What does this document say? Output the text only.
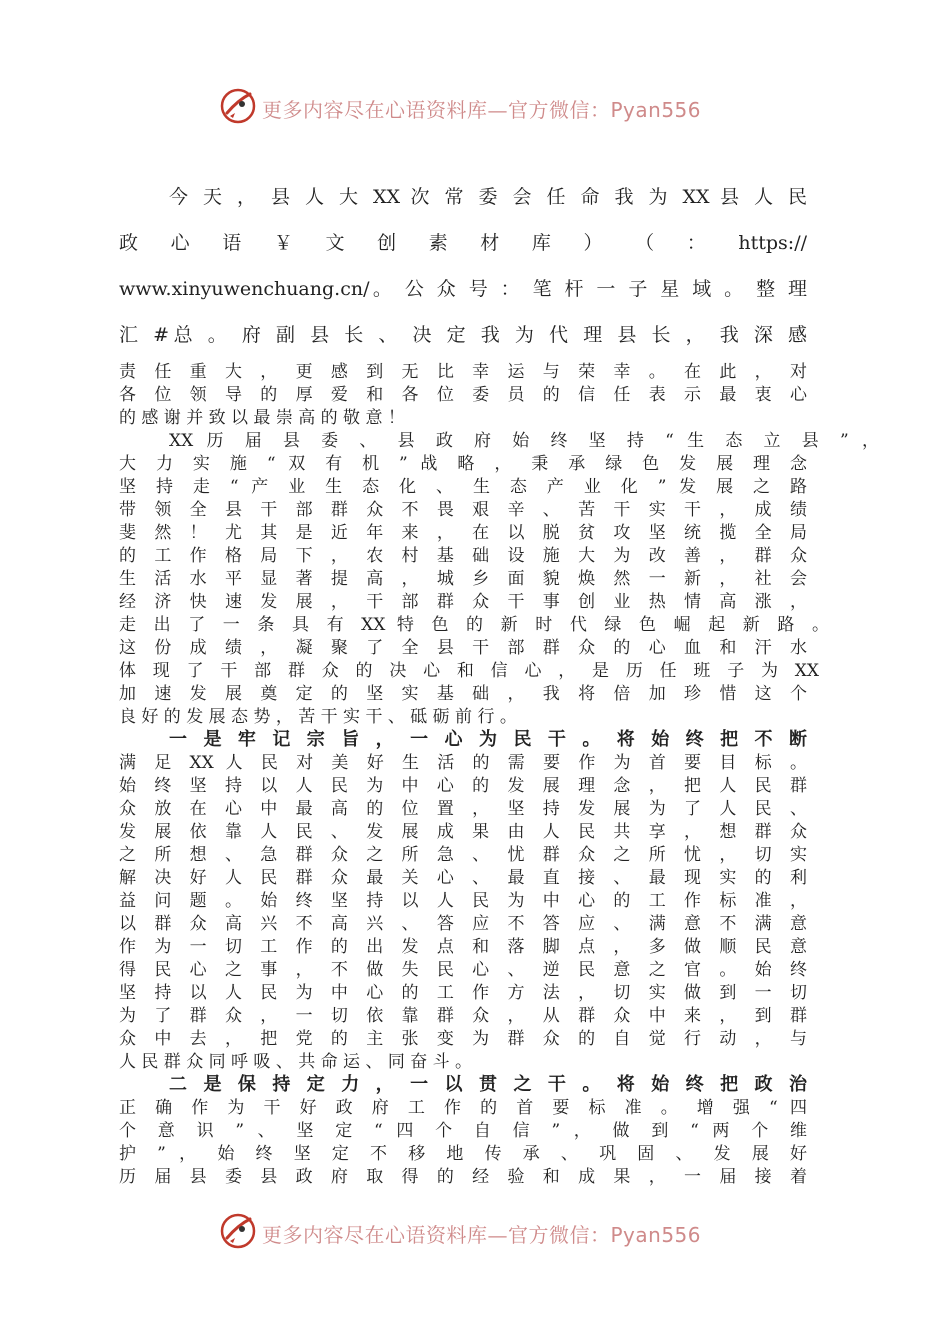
更多内容尽在心语资料库—官方微信：Pyan556
今 天 ， 县 人 大 XX 次 常 委 会 任 命 我 为 XX 县 人 民
政 心 语 ￥ 文 创 素 材 库 ） （ ： https://
www.xinyuwenchuang.cn/。 公 众 号 ： 笔 杆 一 子 星 域 。 整 理
汇 #总 。 府 副 县 长 、 决 定 我 为 代 理 县 长 ， 我 深 感
责 任 重 大 ， 更 感 到 无 比 幸 运 与 荣 幸 。 在 此 ， 对
各 位 领 导 的 厚 爱 和 各 位 委 员 的 信 任 表 示 最 衷 心
的 感 谢 并 致 以 最 崇 高 的 敬 意 ！
XX 历 届 县 委 、 县 政 府 始 终 坚 持 “ 生 态 立 县 ” ，
大 力 实 施 “ 双 有 机 ” 战 略 ， 秉 承 绿 色 发 展 理 念
坚 持 走 “ 产 业 生 态 化 、 生 态 产 业 化 ” 发 展 之 路
带 领 全 县 干 部 群 众 不 畏 艰 辛 、 苦 干 实 干 ， 成 绩
斐 然 ！ 尤 其 是 近 年 来 ， 在 以 脱 贫 攻 坚 统 揽 全 局
的 工 作 格 局 下 ， 农 村 基 础 设 施 大 为 改 善 ， 群 众
生 活 水 平 显 著 提 高 ， 城 乡 面 貌 焕 然 一 新 ， 社 会
经 济 快 速 发 展 ， 干 部 群 众 干 事 创 业 热 情 高 涨 ，
走 出 了 一 条 具 有 XX 特 色 的 新 时 代 绿 色 崛 起 新 路 。
这 份 成 绩 ， 凝 聚 了 全 县 干 部 群 众 的 心 血 和 汗 水
体 现 了 干 部 群 众 的 决 心 和 信 心 ， 是 历 任 班 子 为 XX
加 速 发 展 奠 定 的 坚 实 基 础 ， 我 将 倍 加 珍 惜 这 个
良 好 的 发 展 态 势 ， 苦 干 实 干 、 砥 砺 前 行 。
一 是 牢 记 宗 旨 ， 一 心 为 民 干 。 将 始 终 把 不 断
满 足 XX 人 民 对 美 好 生 活 的 需 要 作 为 首 要 目 标 。
始 终 坚 持 以 人 民 为 中 心 的 发 展 理 念 ， 把 人 民 群
众 放 在 心 中 最 高 的 位 置 ， 坚 持 发 展 为 了 人 民 、
发 展 依 靠 人 民 、 发 展 成 果 由 人 民 共 享 ， 想 群 众
之 所 想 、 急 群 众 之 所 急 、 忧 群 众 之 所 忧 ， 切 实
解 决 好 人 民 群 众 最 关 心 、 最 直 接 、 最 现 实 的 利
益 问 题 。 始 终 坚 持 以 人 民 为 中 心 的 工 作 标 准 ，
以 群 众 高 兴 不 高 兴 、 答 应 不 答 应 、 满 意 不 满 意
作 为 一 切 工 作 的 出 发 点 和 落 脚 点 ， 多 做 顺 民 意
得 民 心 之 事 ， 不 做 失 民 心 、 逆 民 意 之 官 。 始 终
坚 持 以 人 民 为 中 心 的 工 作 方 法 ， 切 实 做 到 一 切
为 了 群 众 ， 一 切 依 靠 群 众 ， 从 群 众 中 来 ， 到 群
众 中 去 ， 把 党 的 主 张 变 为 群 众 的 自 觉 行 动 ， 与
人 民 群 众 同 呼 吸 、 共 命 运 、 同 奋 斗 。
二 是 保 持 定 力 ， 一 以 贯 之 干 。 将 始 终 把 政 治
正 确 作 为 干 好 政 府 工 作 的 首 要 标 准 。 增 强 “ 四
个 意 识 ” 、 坚 定 “ 四 个 自 信 ” ， 做 到 “ 两 个 维
护 ” ， 始 终 坚 定 不 移 地 传 承 、 巩 固 、 发 展 好
历 届 县 委 县 政 府 取 得 的 经 验 和 成 果 ， 一 届 接 着
更多内容尽在心语资料库—官方微信：Pyan556
